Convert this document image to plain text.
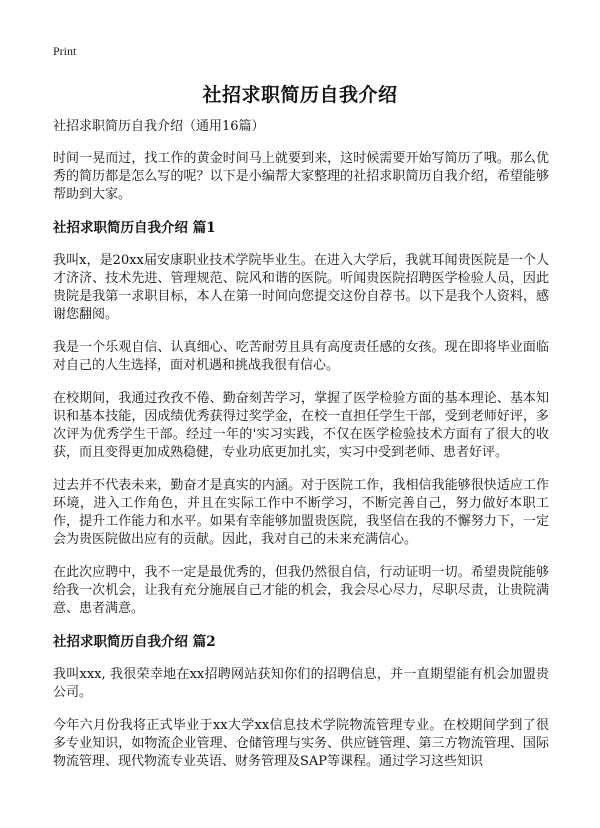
Print
社招求职简历自我介绍
社招求职简历自我介绍（通用16篇）

时间一晃而过，找工作的黄金时间马上就要到来，这时候需要开始写简历了哦。那么优秀的简历都是怎么写的呢？以下是小编帮大家整理的社招求职简历自我介绍，希望能够帮助到大家。

社招求职简历自我介绍 篇1

我叫x，是20xx届安康职业技术学院毕业生。在进入大学后，我就耳闻贵医院是一个人才济济、技术先进、管理规范、院风和谐的医院。听闻贵医院招聘医学检验人员，因此贵院是我第一求职目标，本人在第一时间向您提交这份自荐书。以下是我个人资料，感谢您翻阅。

我是一个乐观自信、认真细心、吃苦耐劳且具有高度责任感的女孩。现在即将毕业面临对自己的人生选择，面对机遇和挑战我很有信心。

在校期间，我通过孜孜不倦、勤奋刻苦学习，掌握了医学检验方面的基本理论、基本知识和基本技能，因成绩优秀获得过奖学金，在校一直担任学生干部，受到老师好评，多次评为优秀学生干部。经过一年的'实习实践，不仅在医学检验技术方面有了很大的收获，而且变得更加成熟稳健，专业功底更加扎实，实习中受到老师、患者好评。

过去并不代表未来，勤奋才是真实的内涵。对于医院工作，我相信我能够很快适应工作环境，进入工作角色，并且在实际工作中不断学习，不断完善自己，努力做好本职工作，提升工作能力和水平。如果有幸能够加盟贵医院，我坚信在我的不懈努力下，一定会为贵医院做出应有的贡献。因此，我对自己的未来充满信心。

在此次应聘中，我不一定是最优秀的，但我仍然很自信，行动证明一切。希望贵院能够给我一次机会，让我有充分施展自己才能的机会，我会尽心尽力，尽职尽责，让贵院满意、患者满意。

社招求职简历自我介绍 篇2

我叫xxx, 我很荣幸地在xx招聘网站获知你们的招聘信息，并一直期望能有机会加盟贵公司。

今年六月份我将正式毕业于xx大学xx信息技术学院物流管理专业。在校期间学到了很多专业知识，如物流企业管理、仓储管理与实务、供应链管理、第三方物流管理、国际物流管理、现代物流专业英语、财务管理及SAP等课程。通过学习这些知识
